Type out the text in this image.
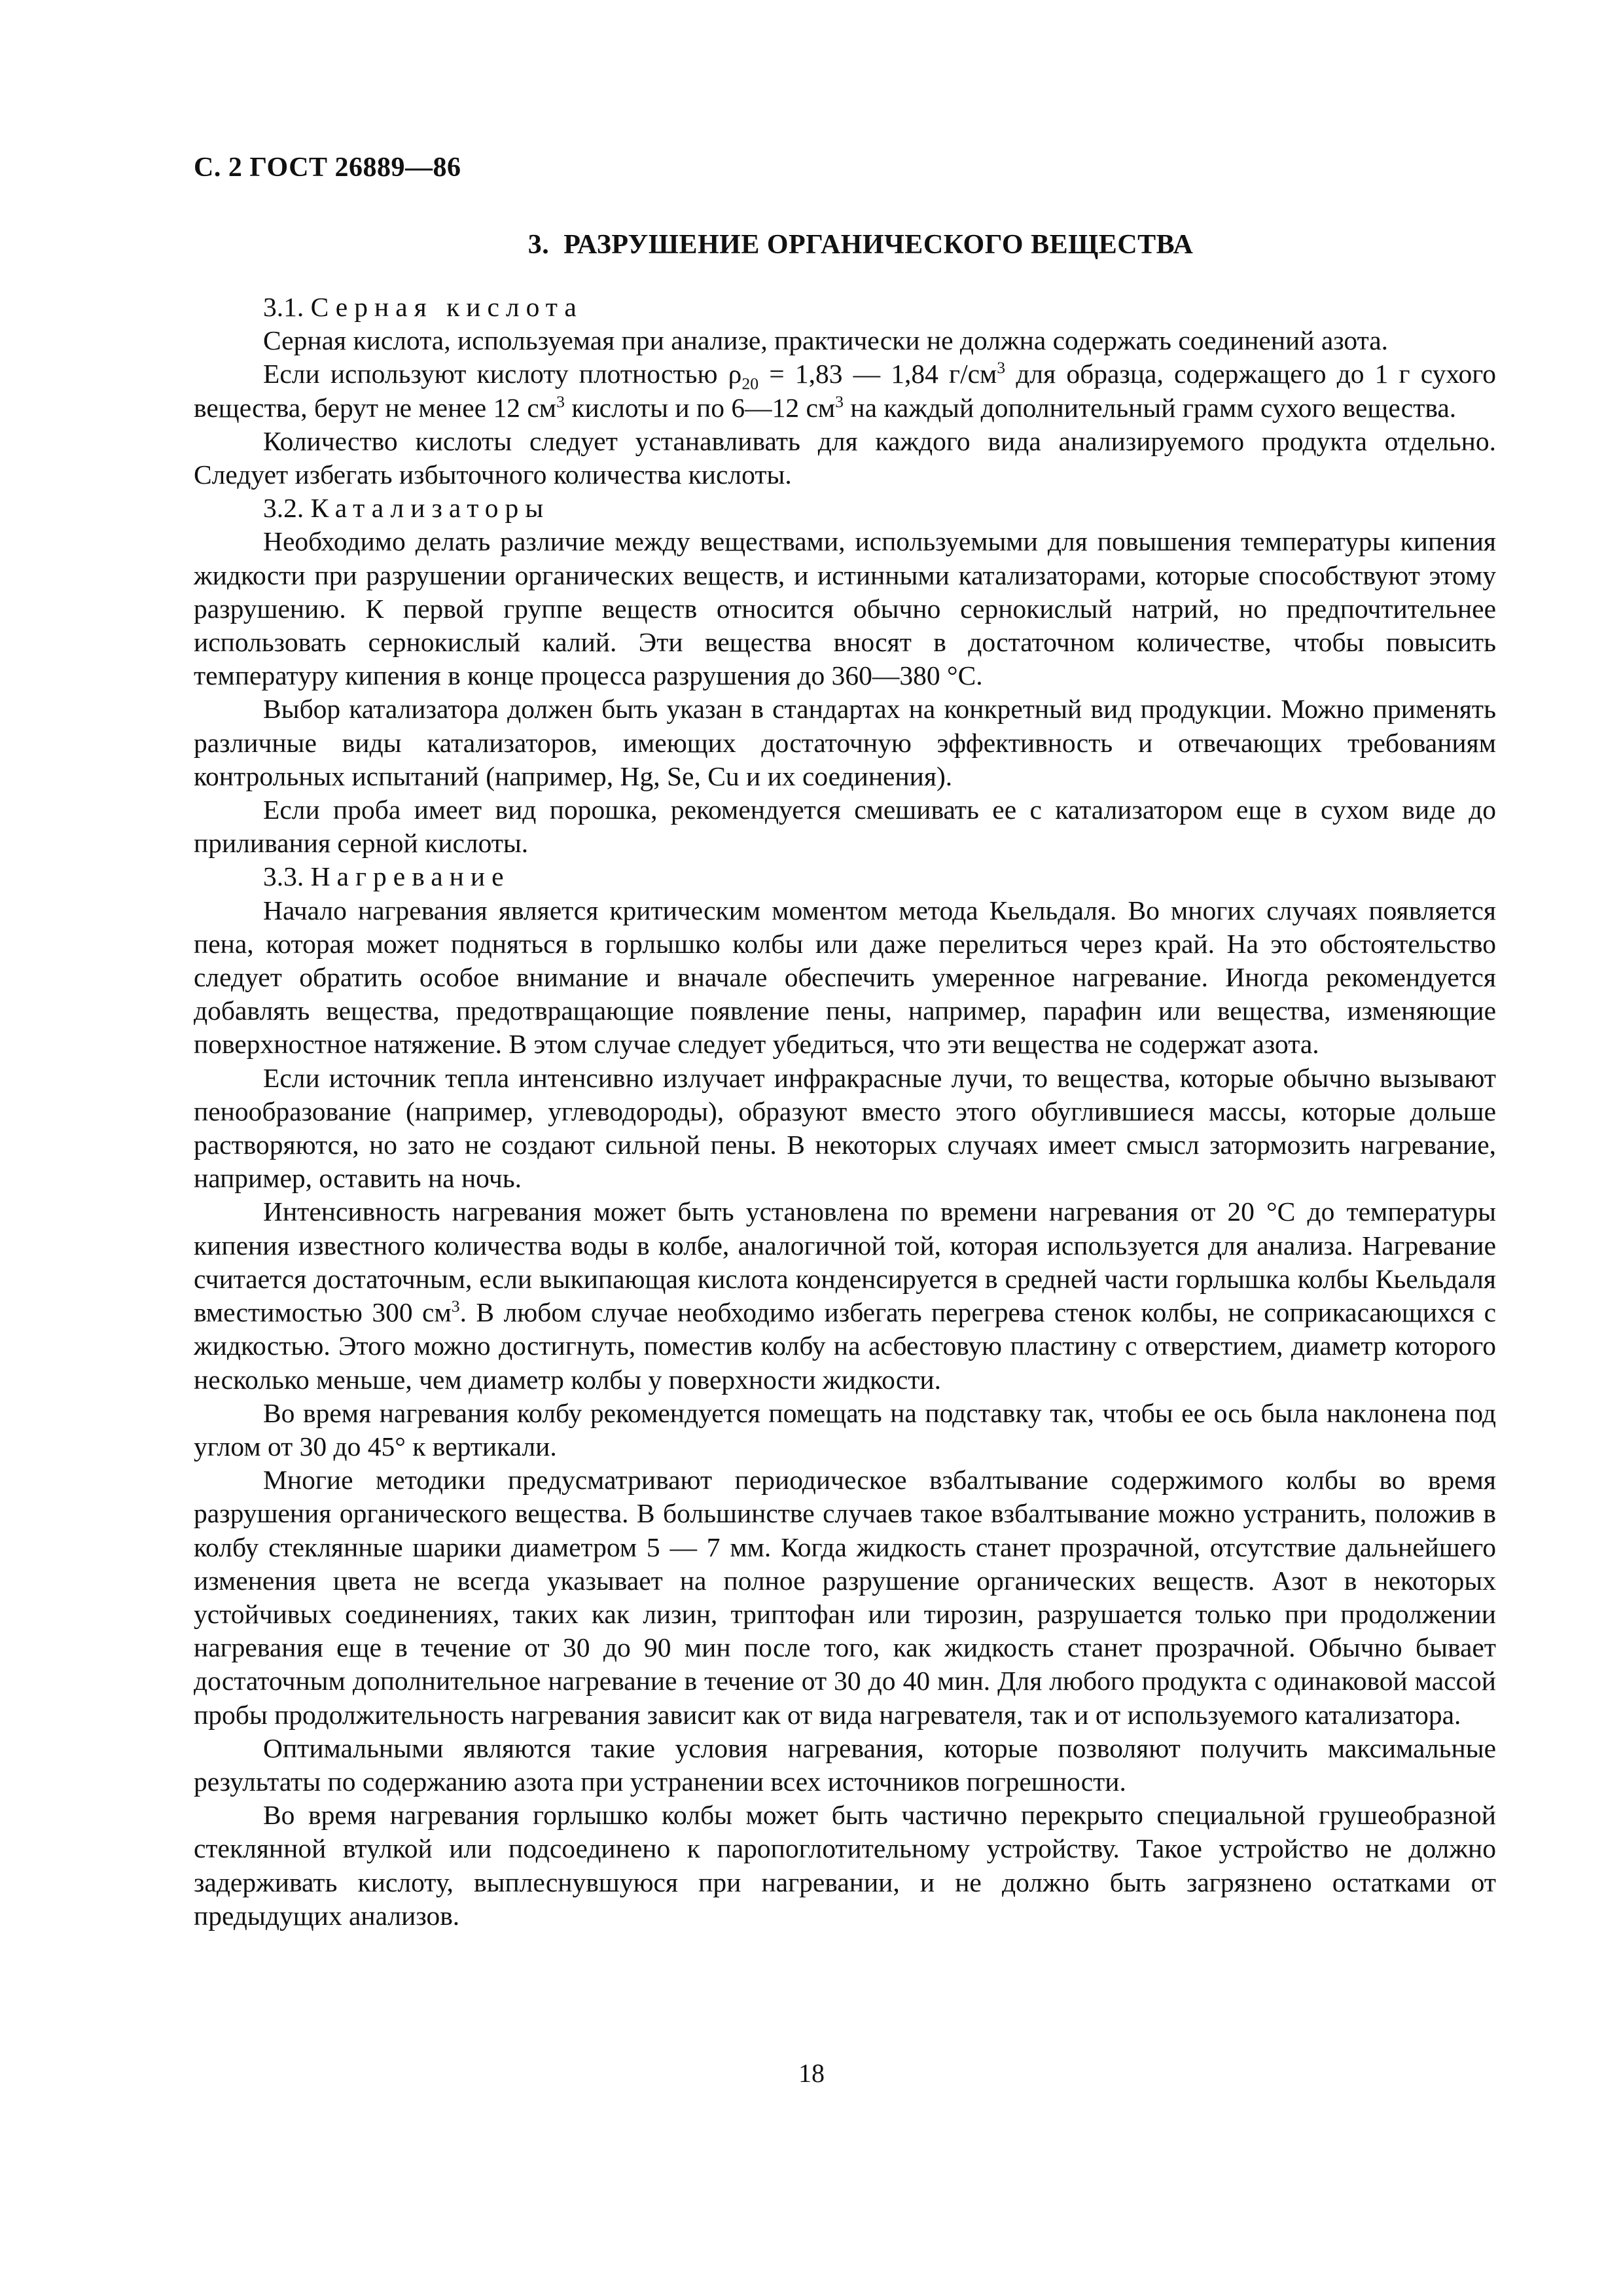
С. 2 ГОСТ 26889—86
3. РАЗРУШЕНИЕ ОРГАНИЧЕСКОГО ВЕЩЕСТВА

3.1. Серная кислота

Серная кислота, используемая при анализе, практически не должна содержать соединений азота.

Если используют кислоту плотностью $\rho_{20} = 1,83$ — 1,84 $г/см^3$ для образца, содержащего до 1 г сухого вещества, берут не менее 12 $см^3$ кислоты и по 6—12 $см^3$ на каждый дополнительный грамм сухого вещества.

Количество кислоты следует устанавливать для каждого вида анализируемого продукта отдельно. Следует избегать избыточного количества кислоты.

3.2. Катализаторы

Необходимо делать различие между веществами, используемыми для повышения температуры кипения жидкости при разрушении органических веществ, и истинными катализаторами, которые способствуют этому разрушению. К первой группе веществ относится обычно сернокислый натрий, но предпочтительнее использовать сернокислый калий. Эти вещества вносят в достаточном количестве, чтобы повысить температуру кипения в конце процесса разрушения до 360—380 °С.

Выбор катализатора должен быть указан в стандартах на конкретный вид продукции. Можно применять различные виды катализаторов, имеющих достаточную эффективность и отвечающих требованиям контрольных испытаний (например, Hg, Se, Cu и их соединения).

Если проба имеет вид порошка, рекомендуется смешивать ее с катализатором еще в сухом виде до приливания серной кислоты.

3.3. Нагревание

Начало нагревания является критическим моментом метода Кьельдаля. Во многих случаях появляется пена, которая может подняться в горлышко колбы или даже перелиться через край. На это обстоятельство следует обратить особое внимание и вначале обеспечить умеренное нагревание. Иногда рекомендуется добавлять вещества, предотвращающие появление пены, например, парафин или вещества, изменяющие поверхностное натяжение. В этом случае следует убедиться, что эти вещества не содержат азота.

Если источник тепла интенсивно излучает инфракрасные лучи, то вещества, которые обычно вызывают пенообразование (например, углеводороды), образуют вместо этого обуглившиеся массы, которые дольше растворяются, но зато не создают сильной пены. В некоторых случаях имеет смысл затормозить нагревание, например, оставить на ночь.

Интенсивность нагревания может быть установлена по времени нагревания от 20 °С до температуры кипения известного количества воды в колбе, аналогичной той, которая используется для анализа. Нагревание считается достаточным, если выкипающая кислота конденсируется в средней части горлышка колбы Кьельдаля вместимостью 300 $см^3$. В любом случае необходимо избегать перегрева стенок колбы, не соприкасающихся с жидкостью. Этого можно достигнуть, поместив колбу на асбестовую пластину с отверстием, диаметр которого несколько меньше, чем диаметр колбы у поверхности жидкости.

Во время нагревания колбу рекомендуется помещать на подставку так, чтобы ее ось была наклонена под углом от 30 до 45° к вертикали.

Многие методики предусматривают периодическое взбалтывание содержимого колбы во время разрушения органического вещества. В большинстве случаев такое взбалтывание можно устранить, положив в колбу стеклянные шарики диаметром 5 — 7 мм. Когда жидкость станет прозрачной, отсутствие дальнейшего изменения цвета не всегда указывает на полное разрушение органических веществ. Азот в некоторых устойчивых соединениях, таких как лизин, триптофан или тирозин, разрушается только при продолжении нагревания еще в течение от 30 до 90 мин после того, как жидкость станет прозрачной. Обычно бывает достаточным дополнительное нагревание в течение от 30 до 40 мин. Для любого продукта с одинаковой массой пробы продолжительность нагревания зависит как от вида нагревателя, так и от используемого катализатора.

Оптимальными являются такие условия нагревания, которые позволяют получить максимальные результаты по содержанию азота при устранении всех источников погрешности.

Во время нагревания горлышко колбы может быть частично перекрыто специальной грушеобразной стеклянной втулкой или подсоединено к паропоглотительному устройству. Такое устройство не должно задерживать кислоту, выплеснувшуюся при нагревании, и не должно быть загрязнено остатками от предыдущих анализов.

18
